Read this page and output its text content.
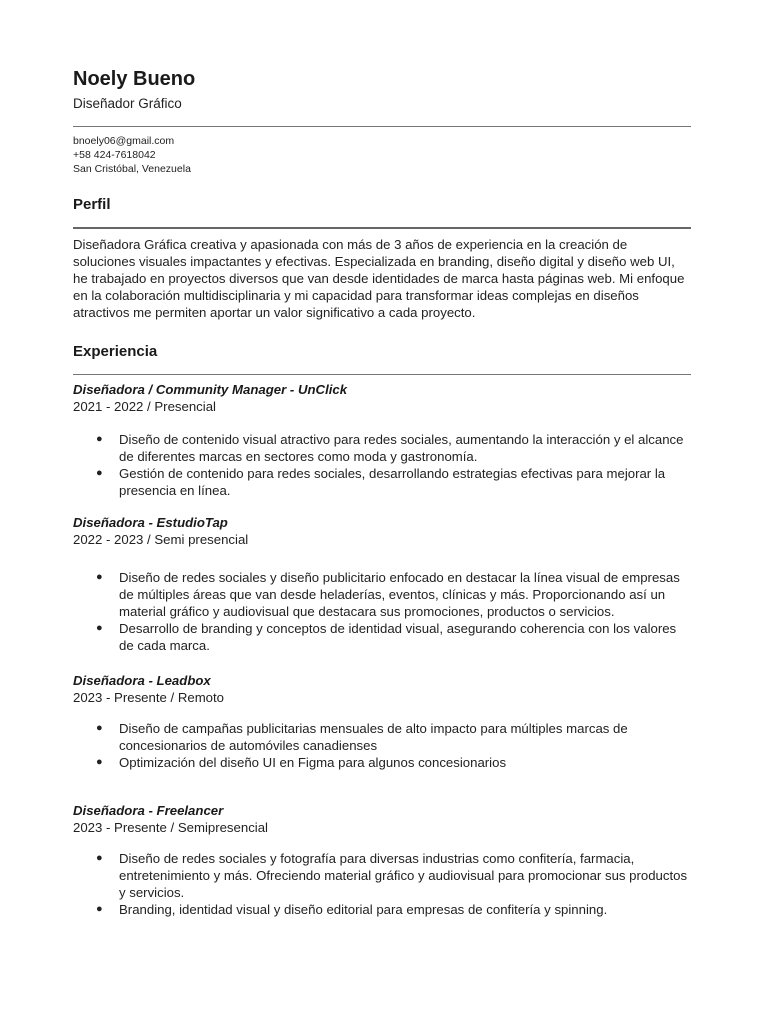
Noely Bueno

Diseñador Gráfico

bnoely06@gmail.com
+58 424-7618042
San Cristóbal, Venezuela
Perfil

Diseñadora Gráfica creativa y apasionada con más de 3 años de experiencia en la creación de soluciones visuales impactantes y efectivas. Especializada en branding, diseño digital y diseño web UI, he trabajado en proyectos diversos que van desde identidades de marca hasta páginas web. Mi enfoque en la colaboración multidisciplinaria y mi capacidad para transformar ideas complejas en diseños atractivos me permiten aportar un valor significativo a cada proyecto.

Experiencia

Diseñadora / Community Manager - UnClick

2021 - 2022 / Presencial

● Diseño de contenido visual atractivo para redes sociales, aumentando la interacción y el alcance de diferentes marcas en sectores como moda y gastronomía.
● Gestión de contenido para redes sociales, desarrollando estrategias efectivas para mejorar la presencia en línea.

Diseñadora - EstudioTap

2022 - 2023 / Semi presencial

● Diseño de redes sociales y diseño publicitario enfocado en destacar la línea visual de empresas de múltiples áreas que van desde heladerías, eventos, clínicas y más. Proporcionando así un material gráfico y audiovisual que destacara sus promociones, productos o servicios.
● Desarrollo de branding y conceptos de identidad visual, asegurando coherencia con los valores de cada marca.

Diseñadora - Leadbox

2023 - Presente / Remoto

● Diseño de campañas publicitarias mensuales de alto impacto para múltiples marcas de concesionarios de automóviles canadienses
● Optimización del diseño UI en Figma para algunos concesionarios

Diseñadora - Freelancer

2023 - Presente / Semipresencial

● Diseño de redes sociales y fotografía para diversas industrias como confitería, farmacia, entretenimiento y más. Ofreciendo material gráfico y audiovisual para promocionar sus productos y servicios.
● Branding, identidad visual y diseño editorial para empresas de confitería y spinning.
